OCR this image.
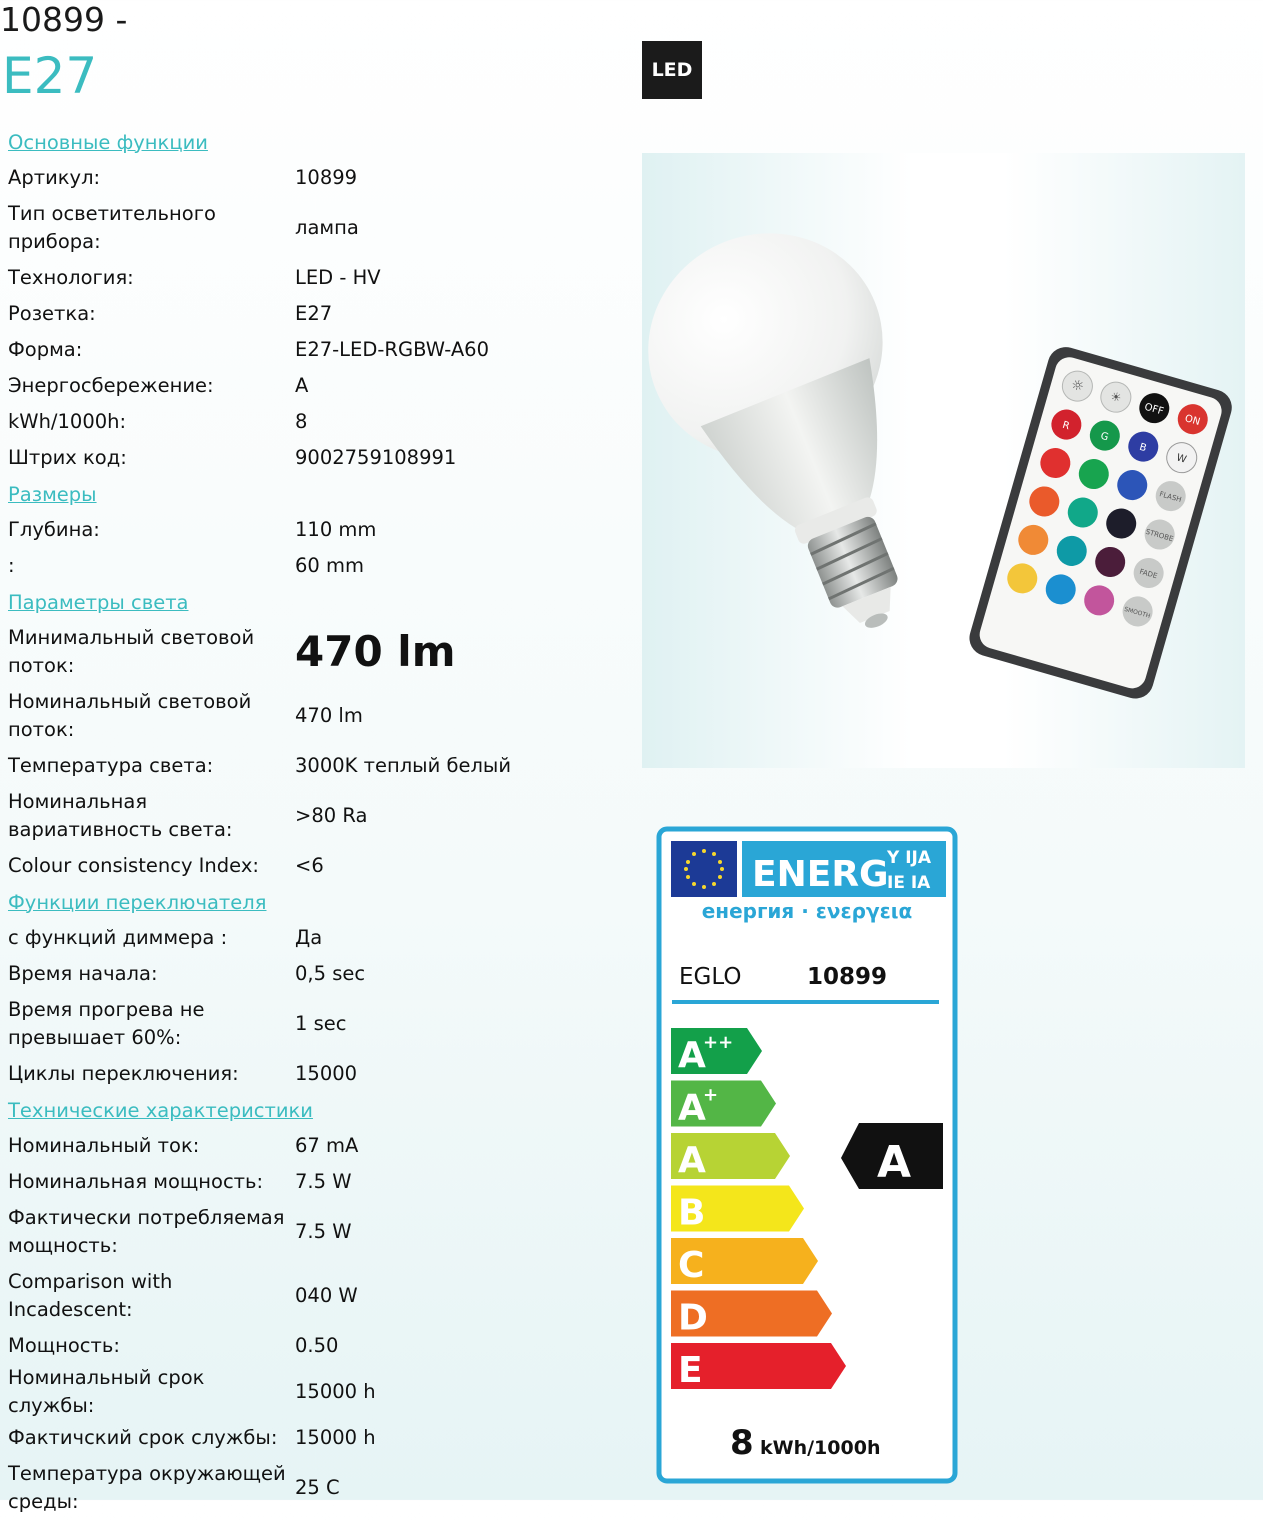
10899 -
E27
Основные функции
Артикул:	10899
Тип осветительного прибора:
лампа
Технология:	LED - HV
Розетка:	E27
Форма:	E27-LED-RGBW-A60
Энергосбережение:	A
kWh/1000h:	8
Штрих код:	9002759108991
Размеры
Глубина:	110 mm
:	60 mm
Параметры света
Минимальный световой поток:	470 lm
Номинальный световой поток:
470 lm
Температура света:	3000K теплый белый
Номинальная вариативность света:
>80 Ra
Colour consistency Index:	<6
Функции переключателя
с функций диммера :	Да
Время начала:	0,5 sec
Время прогрева не превышает 60%:
1 sec
Циклы переключения:	15000
Технические характеристики
Номинальный ток:	67 mA
Номинальная мощность:	7.5 W
Фактически потребляемая мощность:
7.5 W
Comparison with Incadescent:
040 W
Мощность:	0.50
Номинальный срок службы:
15000 h
Фактичский срок службы: 15000 h
Температура окружающей среды:
25 C
LED
☼
☀
OFF
ON
R
G
B
W
FLASH
STROBE
FADE
SMOOTH
ENERG
Y IJA
IE IA
енергия · ενεργεια
EGLO	10899
A
++
A
+
A
B
C
D
E
A
8 kWh/1000h
